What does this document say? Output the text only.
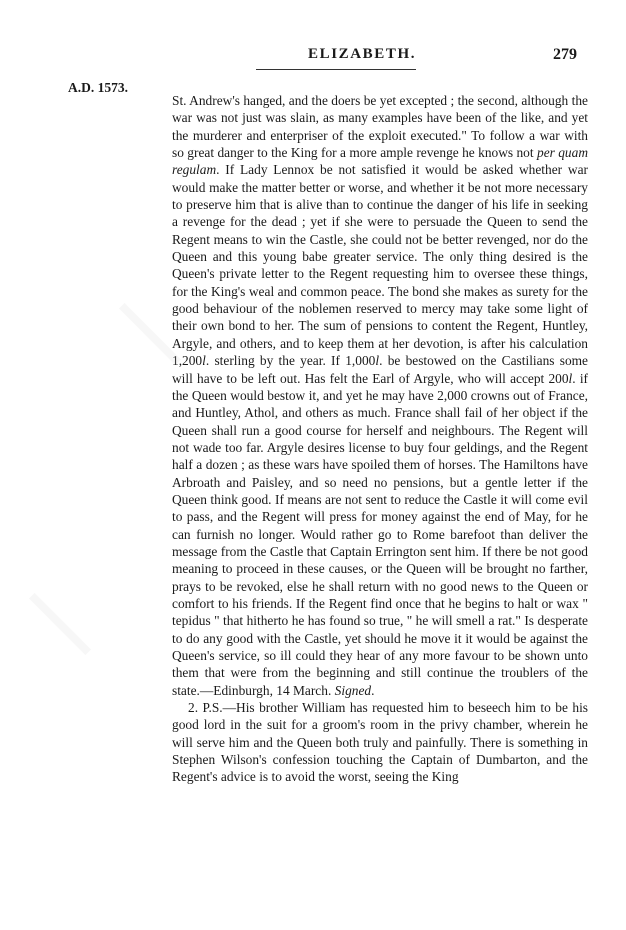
ELIZABETH.	279
A.D. 1573.

St. Andrew's hanged, and the doers be yet excepted ; the second, although the war was not just was slain, as many examples have been of the like, and yet the murderer and enterpriser of the exploit executed." To follow a war with so great danger to the King for a more ample revenge he knows not per quam regulam. If Lady Lennox be not satisfied it would be asked whether war would make the matter better or worse, and whether it be not more necessary to preserve him that is alive than to continue the danger of his life in seeking a revenge for the dead ; yet if she were to persuade the Queen to send the Regent means to win the Castle, she could not be better revenged, nor do the Queen and this young babe greater service. The only thing desired is the Queen's private letter to the Regent requesting him to oversee these things, for the King's weal and common peace. The bond she makes as surety for the good behaviour of the noblemen reserved to mercy may take some light of their own bond to her. The sum of pensions to content the Regent, Huntley, Argyle, and others, and to keep them at her devotion, is after his calculation 1,200l. sterling by the year. If 1,000l. be bestowed on the Castilians some will have to be left out. Has felt the Earl of Argyle, who will accept 200l. if the Queen would bestow it, and yet he may have 2,000 crowns out of France, and Huntley, Athol, and others as much. France shall fail of her object if the Queen shall run a good course for herself and neighbours. The Regent will not wade too far. Argyle desires license to buy four geldings, and the Regent half a dozen ; as these wars have spoiled them of horses. The Hamiltons have Arbroath and Paisley, and so need no pensions, but a gentle letter if the Queen think good. If means are not sent to reduce the Castle it will come evil to pass, and the Regent will press for money against the end of May, for he can furnish no longer. Would rather go to Rome barefoot than deliver the message from the Castle that Captain Errington sent him. If there be not good meaning to proceed in these causes, or the Queen will be brought no farther, prays to be revoked, else he shall return with no good news to the Queen or comfort to his friends. If the Regent find once that he begins to halt or wax " tepidus " that hitherto he has found so true, " he will smell a rat." Is desperate to do any good with the Castle, yet should he move it it would be against the Queen's service, so ill could they hear of any more favour to be shown unto them that were from the beginning and still continue the troublers of the state.—Edinburgh, 14 March. Signed.

2. P.S.—His brother William has requested him to beseech him to be his good lord in the suit for a groom's room in the privy chamber, wherein he will serve him and the Queen both truly and painfully. There is something in Stephen Wilson's confession touching the Captain of Dumbarton, and the Regent's advice is to avoid the worst, seeing the King
